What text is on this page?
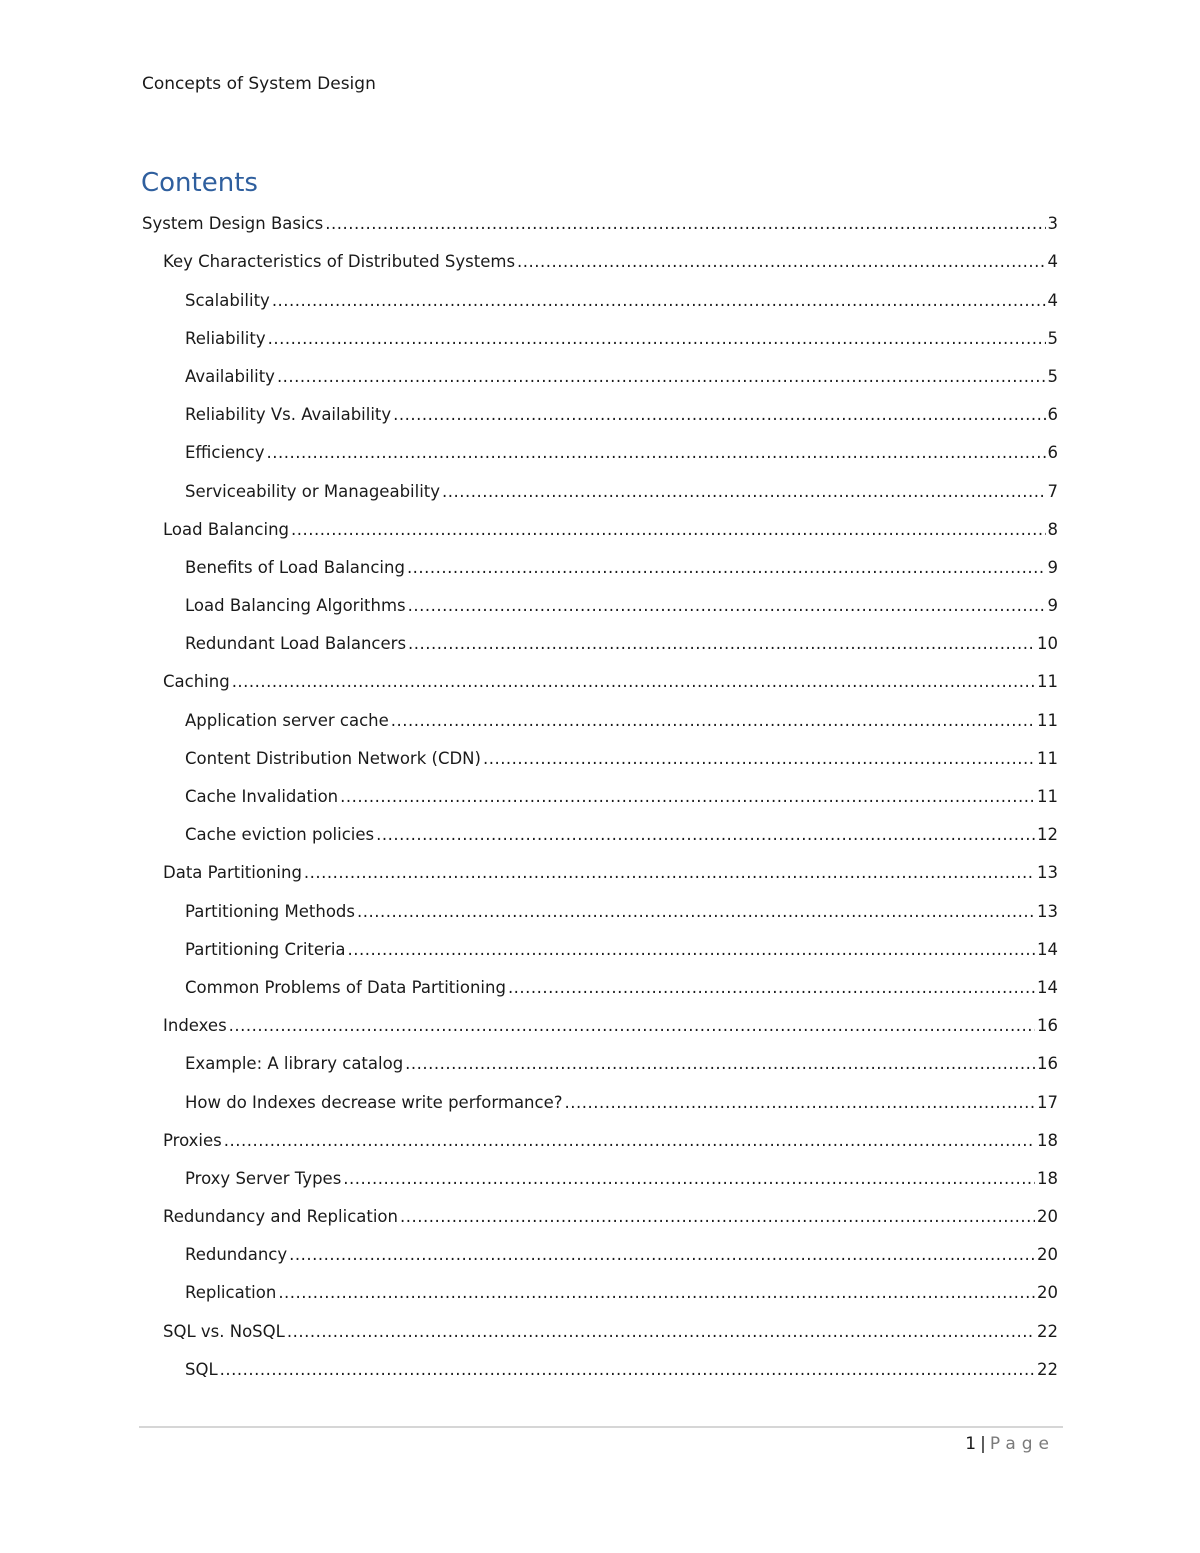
Concepts of System Design
Contents
System Design Basics .....	3
Key Characteristics of Distributed Systems .....	4
Scalability .....	4
Reliability .....	5
Availability .....	5
Reliability Vs. Availability .....	6
Efficiency .....	6
Serviceability or Manageability .....	7
Load Balancing .....	8
Benefits of Load Balancing .....	9
Load Balancing Algorithms .....	9
Redundant Load Balancers .....	10
Caching .....	11
Application server cache .....	11
Content Distribution Network (CDN) .....	11
Cache Invalidation .....	11
Cache eviction policies .....	12
Data Partitioning .....	13
Partitioning Methods .....	13
Partitioning Criteria .....	14
Common Problems of Data Partitioning .....	14
Indexes .....	16
Example: A library catalog .....	16
How do Indexes decrease write performance? .....	17
Proxies .....	18
Proxy Server Types .....	18
Redundancy and Replication .....	20
Redundancy .....	20
Replication .....	20
SQL vs. NoSQL .....	22
SQL .....	22
1 | Page
